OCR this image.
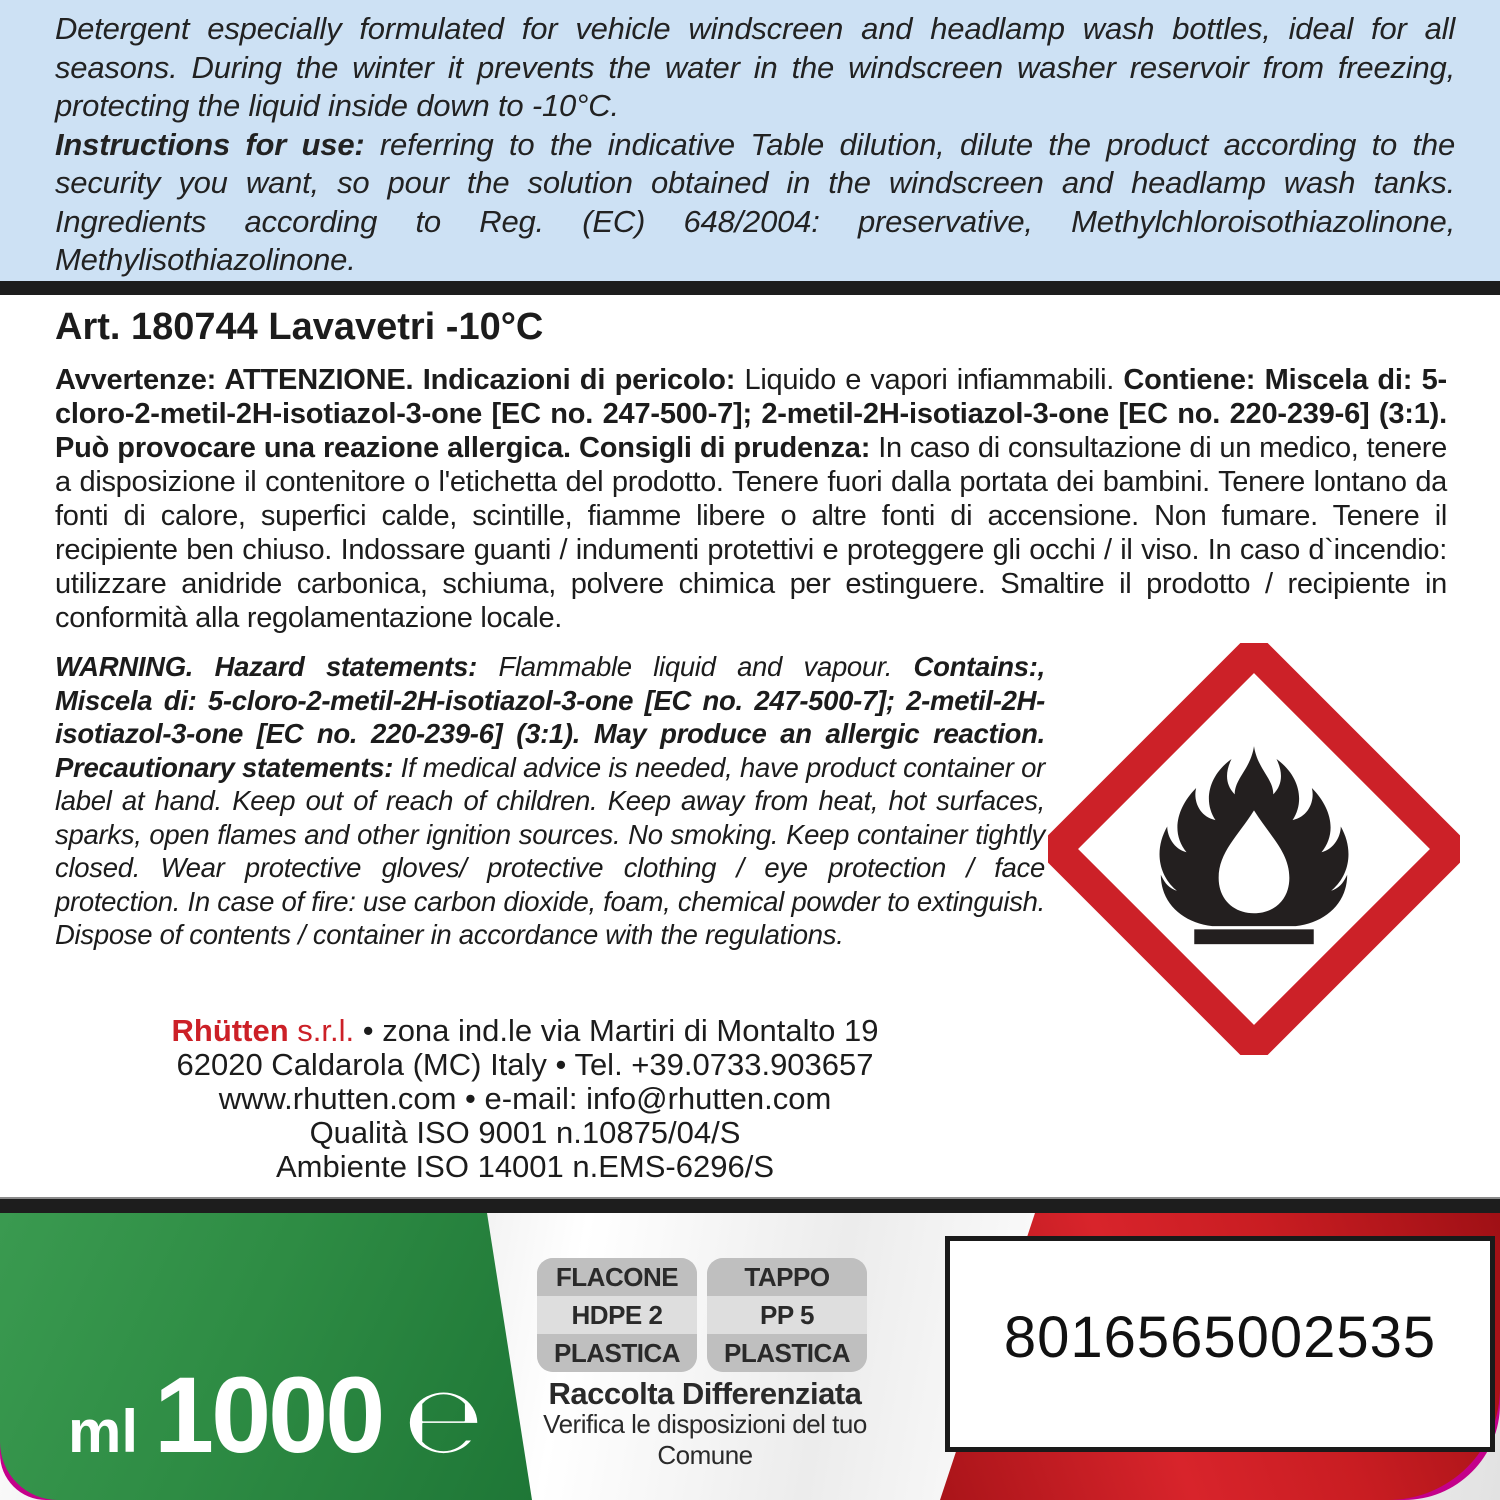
Detergent especially formulated for vehicle windscreen and headlamp wash bottles, ideal for all seasons. During the winter it prevents the water in the windscreen washer reservoir from freezing, protecting the liquid inside down to -10°C.

Instructions for use: referring to the indicative Table dilution, dilute the product according to the security you want, so pour the solution obtained in the windscreen and headlamp wash tanks. Ingredients according to Reg. (EC) 648/2004: preservative, Methylchloroisothiazolinone, Methylisothiazolinone.

Art. 180744 Lavavetri -10°C
Avvertenze: ATTENZIONE. Indicazioni di pericolo: Liquido e vapori infiammabili. Contiene: Miscela di: 5-cloro-2-metil-2H-isotiazol-3-one [EC no. 247-500-7]; 2-metil-2H-isotiazol-3-one [EC no. 220-239-6] (3:1). Può provocare una reazione allergica. Consigli di prudenza: In caso di consultazione di un medico, tenere a disposizione il contenitore o l'etichetta del prodotto. Tenere fuori dalla portata dei bambini. Tenere lontano da fonti di calore, superfici calde, scintille, fiamme libere o altre fonti di accensione. Non fumare. Tenere il recipiente ben chiuso. Indossare guanti / indumenti protettivi e proteggere gli occhi / il viso. In caso d`incendio: utilizzare anidride carbonica, schiuma, polvere chimica per estinguere. Smaltire il prodotto / recipiente in conformità alla regolamentazione locale.
WARNING. Hazard statements: Flammable liquid and vapour. Contains:, Miscela di: 5-cloro-2-metil-2H-isotiazol-3-one [EC no. 247-500-7]; 2-metil-2H-isotiazol-3-one [EC no. 220-239-6] (3:1). May produce an allergic reaction. Precautionary statements: If medical advice is needed, have product container or label at hand. Keep out of reach of children. Keep away from heat, hot surfaces, sparks, open flames and other ignition sources. No smoking. Keep container tightly closed. Wear protective gloves/ protective clothing / eye protection / face protection. In case of fire: use carbon dioxide, foam, chemical powder to extinguish. Dispose of contents / container in accordance with the regulations.
Rhütten s.r.l. • zona ind.le via Martiri di Montalto 19
62020 Caldarola (MC) Italy • Tel. +39.0733.903657
www.rhutten.com • e-mail: info@rhutten.com
Qualità ISO 9001 n.10875/04/S
Ambiente ISO 14001 n.EMS-6296/S
ml 1000 ℮
FLACONE
HDPE 2
PLASTICA
TAPPO
PP 5
PLASTICA
Raccolta Differenziata
Verifica le disposizioni del tuo Comune
8016565002535
